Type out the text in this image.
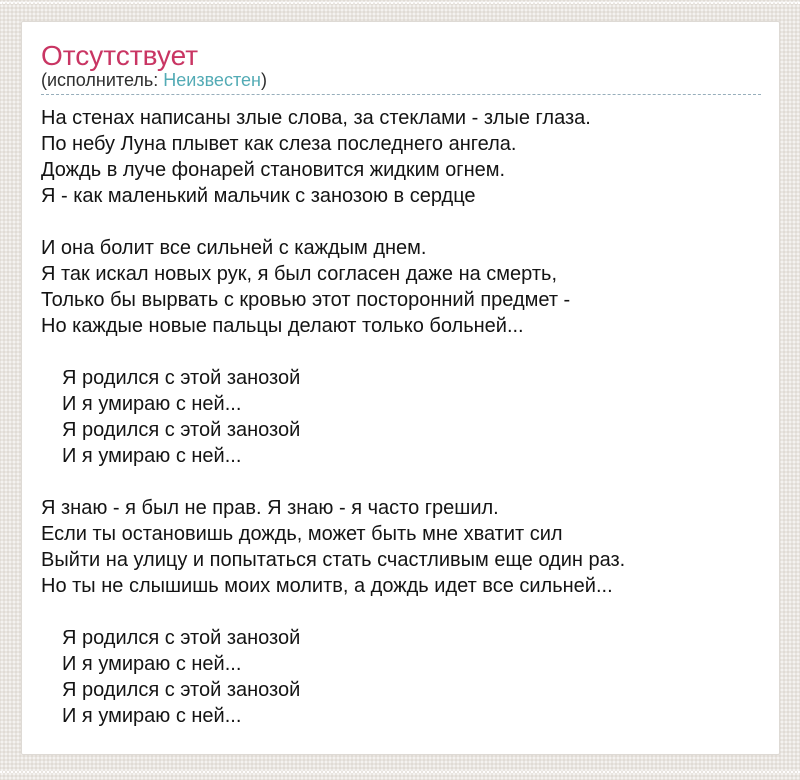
Отсутствует
(исполнитель: Неизвестен)
На стенах написаны злые слова, за стеклами - злые глаза.
По небу Луна плывет как слеза последнего ангела.
Дождь в луче фонарей становится жидким огнем.
Я - как маленький мальчик с занозою в сердце
И она болит все сильней с каждым днем.
Я так искал новых рук, я был согласен даже на смерть,
Только бы вырвать с кровью этот посторонний предмет -
Но каждые новые пальцы делают только больней...
Я родился с этой занозой
И я умираю с ней...
Я родился с этой занозой
И я умираю с ней...
Я знаю - я был не прав. Я знаю - я часто грешил.
Если ты остановишь дождь, может быть мне хватит сил
Выйти на улицу и попытаться стать счастливым еще один раз.
Но ты не слышишь моих молитв, а дождь идет все сильней...
Я родился с этой занозой
И я умираю с ней...
Я родился с этой занозой
И я умираю с ней...
